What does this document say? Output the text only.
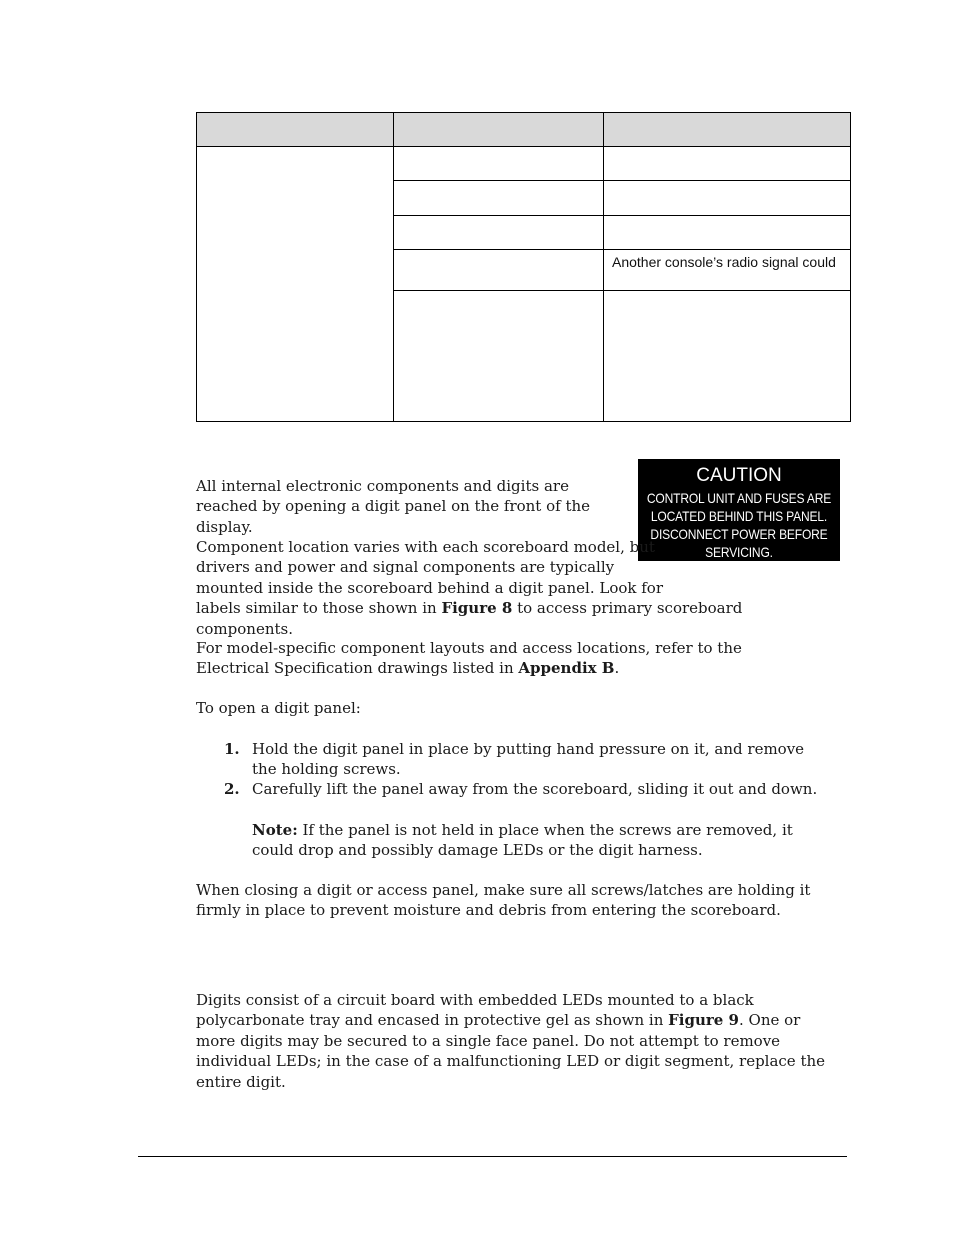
Another console’s radio signal could
CAUTION
CONTROL UNIT AND FUSES ARE
LOCATED BEHIND THIS PANEL.
DISCONNECT POWER BEFORE
SERVICING.
All internal electronic components and digits are reached by opening a digit panel on the front of the display.
Component location varies with each scoreboard model, but
drivers and power and signal components are typically
mounted inside the scoreboard behind a digit panel. Look for
labels similar to those shown in Figure 8 to access primary scoreboard components.
For model-specific component layouts and access locations, refer to the Electrical Specification drawings listed in Appendix B.
To open a digit panel:
1. Hold the digit panel in place by putting hand pressure on it, and remove the holding screws.
2. Carefully lift the panel away from the scoreboard, sliding it out and down.
Note: If the panel is not held in place when the screws are removed, it could drop and possibly damage LEDs or the digit harness.
When closing a digit or access panel, make sure all screws/latches are holding it firmly in place to prevent moisture and debris from entering the scoreboard.
Digits consist of a circuit board with embedded LEDs mounted to a black polycarbonate tray and encased in protective gel as shown in Figure 9. One or more digits may be secured to a single face panel. Do not attempt to remove individual LEDs; in the case of a malfunctioning LED or digit segment, replace the entire digit.
